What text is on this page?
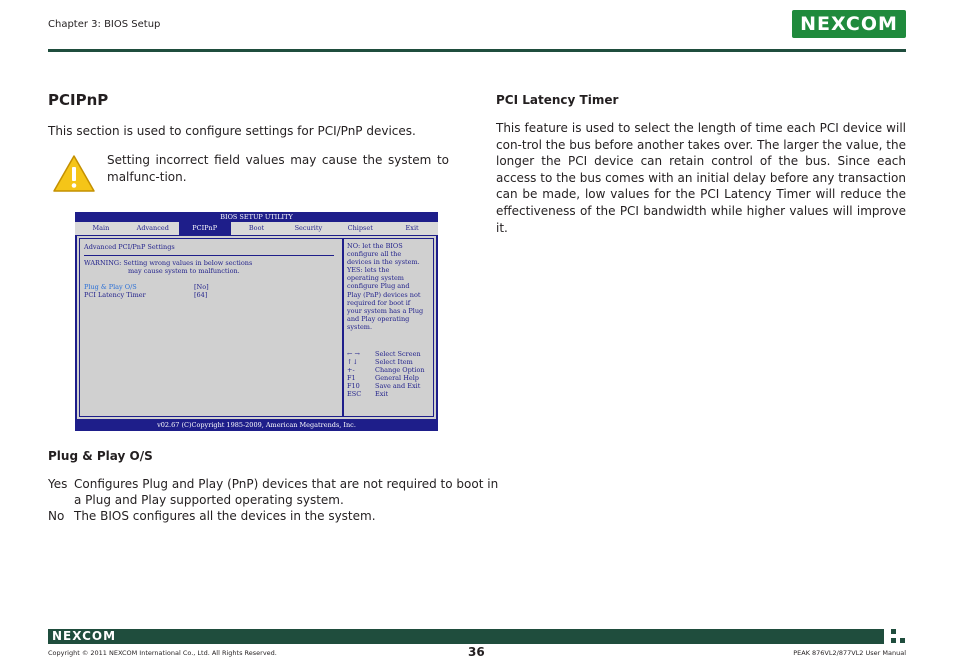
Chapter 3: BIOS Setup	NEXCOM
PCIPnP
This section is used to configure settings for PCI/PnP devices.
Setting incorrect field values may cause the system to malfunc-tion.
BIOS SETUP UTILITY
Main	Advanced	PCIPnP	Boot	Security	Chipset	Exit
Advanced PCI/PnP Settings
WARNING: Setting wrong values in below sections
may cause system to malfunction.
Plug & Play O/S	[No]
PCI Latency Timer	[64]
NO: let the BIOS
configure all the
devices in the system.
YES: lets the
operating system
configure Plug and
Play (PnP) devices not
required for boot if
your system has a Plug
and Play operating
system.
← → Select Screen
↑↓	Select Item
+-	Change Option
F1	General Help
F10 Save and Exit
ESC Exit
v02.67 (C)Copyright 1985-2009, American Megatrends, Inc.
Plug & Play O/S
Yes Configures Plug and Play (PnP) devices that are not required to boot in
a Plug and Play supported operating system.
No The BIOS configures all the devices in the system.
PCI Latency Timer
This feature is used to select the length of time each PCI device will con-trol the bus before another takes over. The larger the value, the longer the PCI device can retain control of the bus. Since each access to the bus comes with an initial delay before any transaction can be made, low values for the PCI Latency Timer will reduce the effectiveness of the PCI bandwidth while higher values will improve it.
NEXCOM
Copyright © 2011 NEXCOM International Co., Ltd. All Rights Reserved.	36	PEAK 876VL2/877VL2 User Manual
